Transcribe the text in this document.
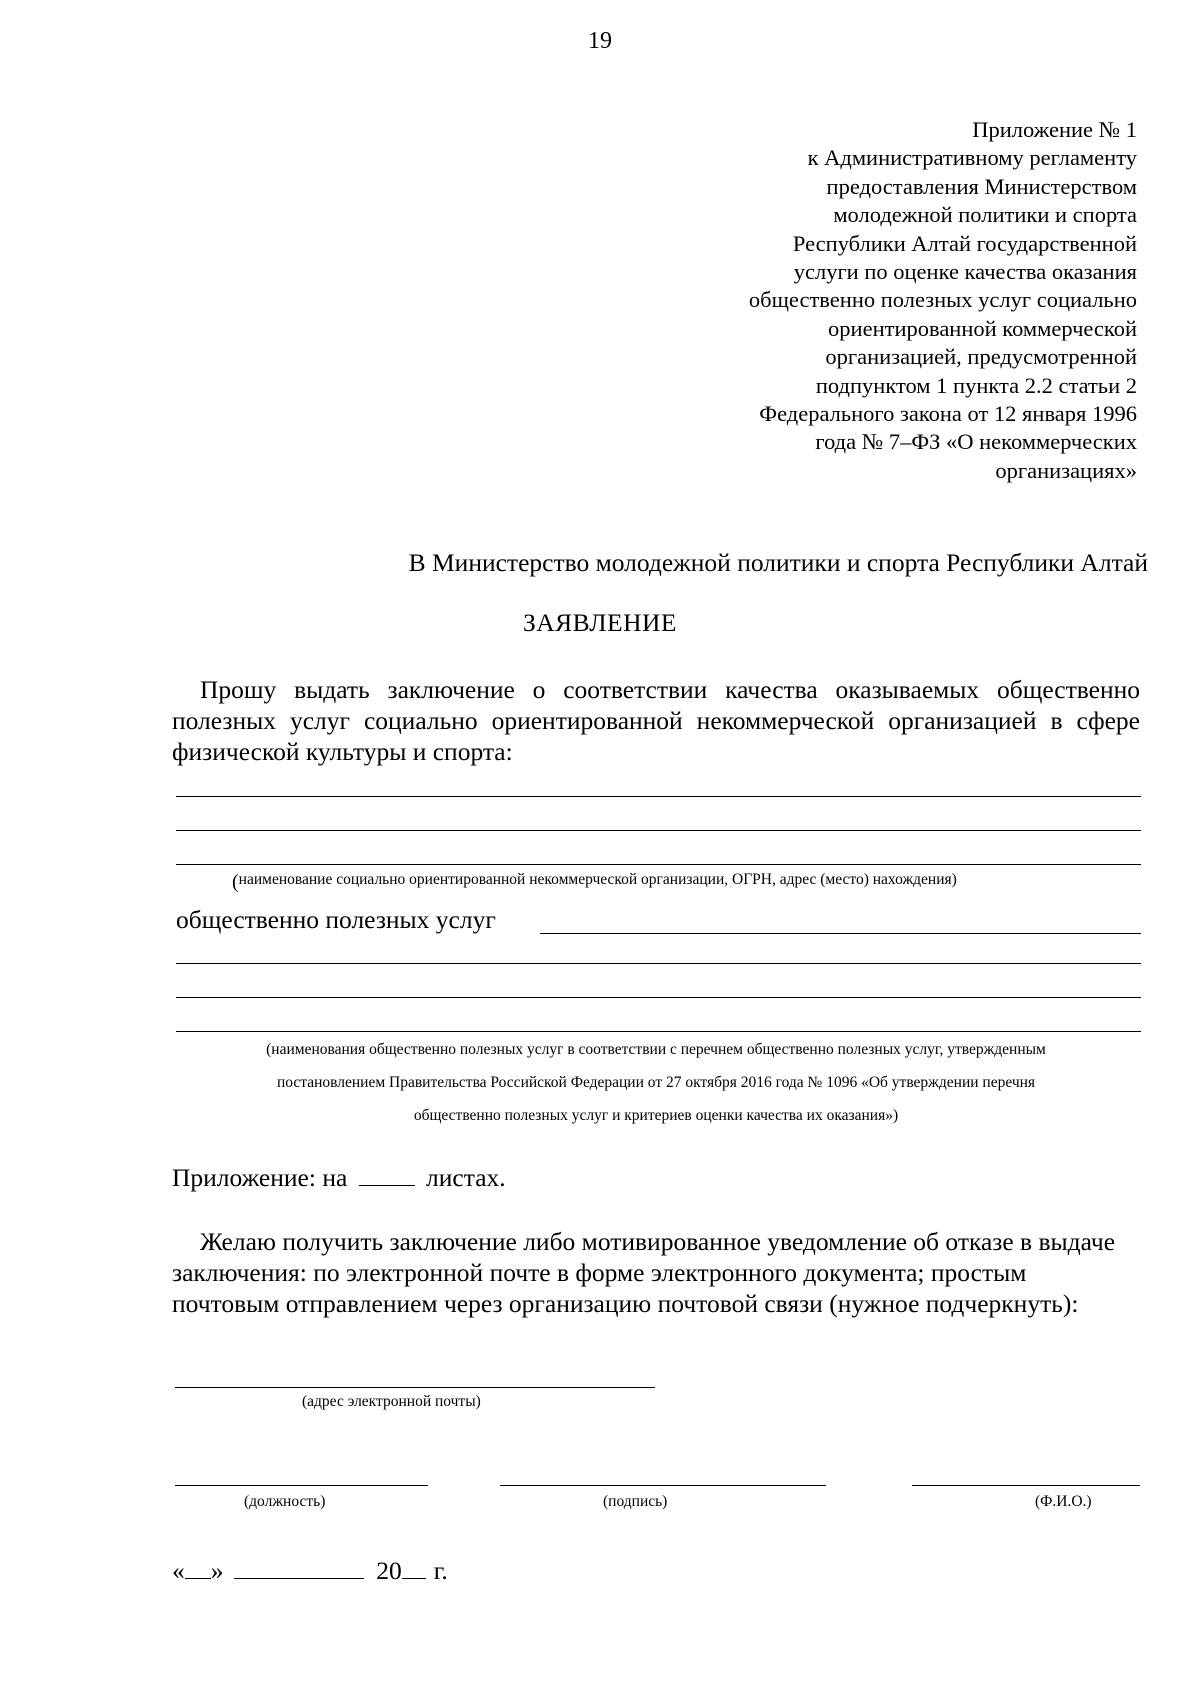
19
Приложение № 1
к Административному регламенту
предоставления Министерством
молодежной политики и спорта
Республики Алтай государственной
услуги по оценке качества оказания
общественно полезных услуг социально
ориентированной коммерческой
организацией, предусмотренной
подпунктом 1 пункта 2.2 статьи 2
Федерального закона от 12 января 1996
года № 7–ФЗ «О некоммерческих
организациях»
В Министерство молодежной политики и спорта Республики Алтай
ЗАЯВЛЕНИЕ
Прошу выдать заключение о соответствии качества оказываемых общественно полезных услуг социально ориентированной некоммерческой организацией в сфере физической культуры и спорта:
(наименование социально ориентированной некоммерческой организации, ОГРН, адрес (место) нахождения)
общественно полезных услуг
(наименования общественно полезных услуг в соответствии с перечнем общественно полезных услуг, утвержденным
постановлением Правительства Российской Федерации от 27 октября 2016 года № 1096 «Об утверждении перечня
общественно полезных услуг и критериев оценки качества их оказания»)
Приложение: на	листах.

Желаю получить заключение либо мотивированное уведомление об отказе в выдаче заключения: по электронной почте в форме электронного документа; простым почтовым отправлением через организацию почтовой связи (нужное подчеркнуть):

(адрес электронной почты)
(должность)	(подпись)	(Ф.И.О.)
« »	20 г.
